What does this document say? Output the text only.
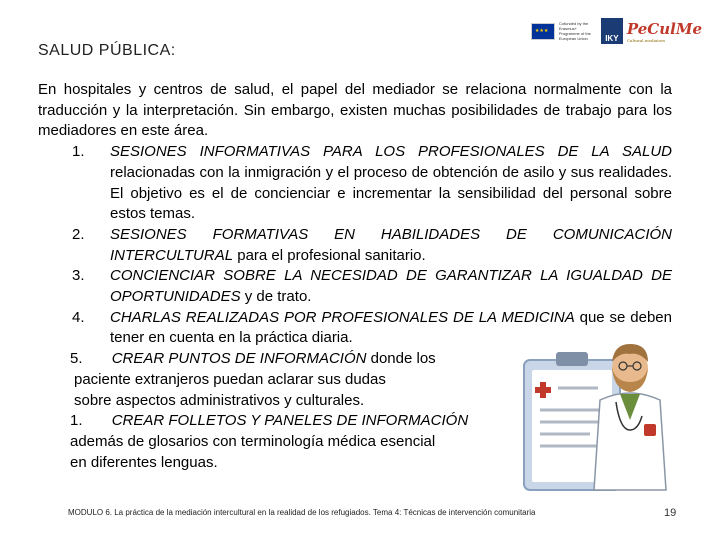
★★★
Cofunded by the Erasmus+ Programme of the European Union	IKY
PeCulMe
Cultural mediators
SALUD PÚBLICA:

En hospitales y centros de salud, el papel del mediador se relaciona normalmente con la traducción y la interpretación. Sin embargo, existen muchas posibilidades de trabajo para los mediadores en este área.

1.	SESIONES INFORMATIVAS PARA LOS PROFESIONALES DE LA SALUD relacionadas con la inmigración y el proceso de obtención de asilo y sus realidades. El objetivo es el de concienciar e incrementar la sensibilidad del personal sobre estos temas.
2.	SESIONES FORMATIVAS EN HABILIDADES DE COMUNICACIÓN INTERCULTURAL para el profesional sanitario.
3.	CONCIENCIAR SOBRE LA NECESIDAD DE GARANTIZAR LA IGUALDAD DE OPORTUNIDADES y de trato.
4.	CHARLAS REALIZADAS POR PROFESIONALES DE LA MEDICINA que se deben tener en cuenta en la práctica diaria.

5. CREAR PUNTOS DE INFORMACIÓN donde los

paciente extranjeros puedan aclarar sus dudas

sobre aspectos administrativos y culturales.

1. CREAR FOLLETOS Y PANELES DE INFORMACIÓN

además de glosarios con terminología médica esencial

en diferentes lenguas.

MODULO 6. La práctica de la mediación intercultural en la realidad de los refugiados. Tema 4: Técnicas de intervención comunitaria	19
